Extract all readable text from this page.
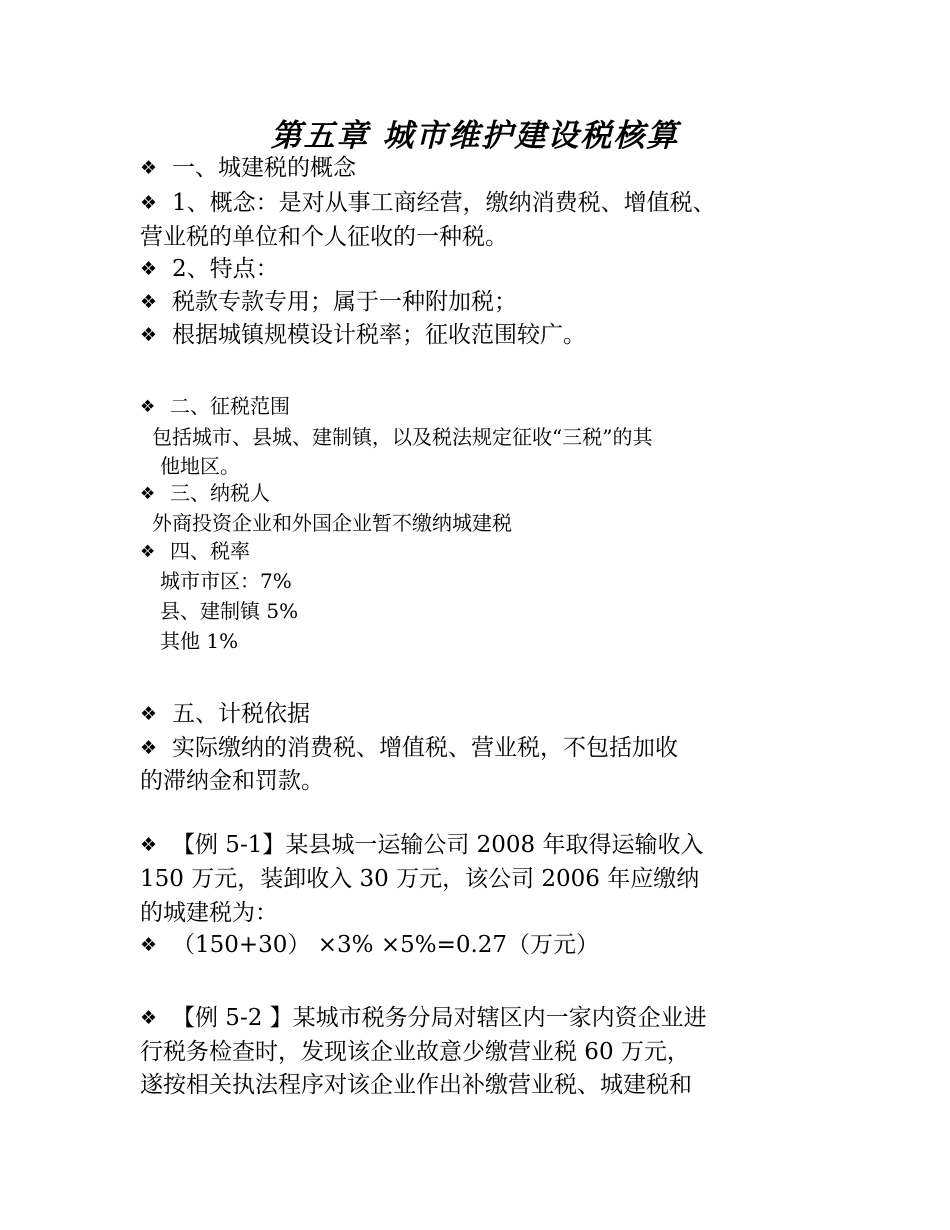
第五章 城市维护建设税核算
❖ 一、城建税的概念
❖ 1、概念：是对从事工商经营，缴纳消费税、增值税、
营业税的单位和个人征收的一种税。
❖ 2、特点：
❖ 税款专款专用；属于一种附加税；
❖ 根据城镇规模设计税率；征收范围较广。
❖ 二、征税范围
包括城市、县城、建制镇，以及税法规定征收“三税”的其
他地区。
❖ 三、纳税人
外商投资企业和外国企业暂不缴纳城建税
❖ 四、税率
城市市区：7%
县、建制镇 5%
其他 1%
❖ 五、计税依据
❖ 实际缴纳的消费税、增值税、营业税，不包括加收
的滞纳金和罚款。
❖ 【例 5-1】某县城一运输公司 2008 年取得运输收入
150 万元，装卸收入 30 万元，该公司 2006 年应缴纳
的城建税为：
❖ （150+30） ×3% ×5%=0.27（万元）
❖ 【例 5-2 】某城市税务分局对辖区内一家内资企业进
行税务检查时，发现该企业故意少缴营业税 60 万元，
遂按相关执法程序对该企业作出补缴营业税、城建税和
